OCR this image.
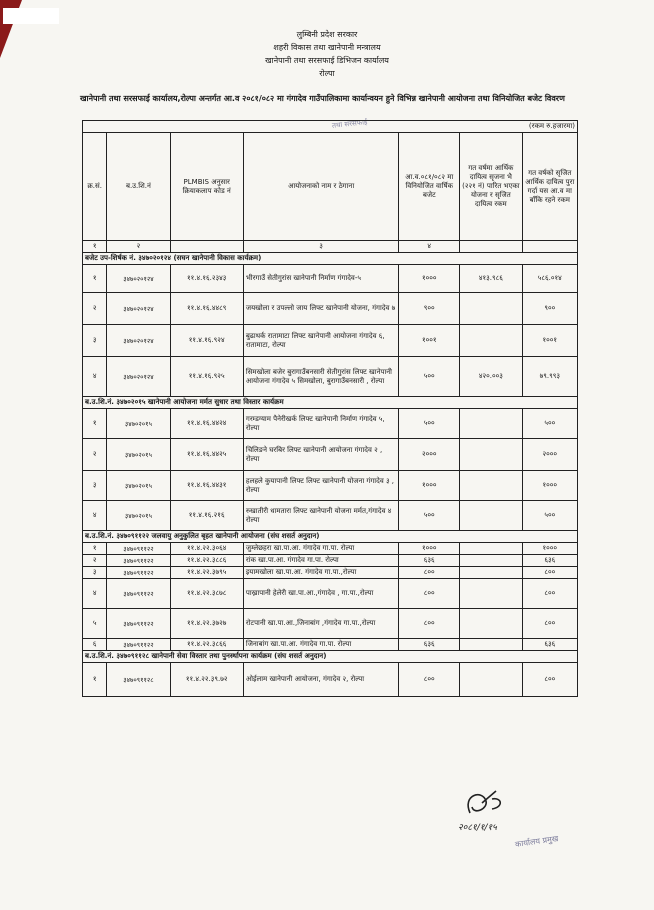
लुम्बिनी प्रदेश सरकार
शहरी विकास तथा खानेपानी मन्त्रालय
खानेपानी तथा सरसफाई डिभिजन कार्यालय
रोल्पा
खानेपानी तथा सरसफाई कार्यालय,रोल्पा अन्तर्गत आ.व २०८१/०८२ मा गंगादेव गाउँपालिकामा कार्यान्वयन हुने विभिन्न खानेपानी आयोजना तथा विनियोजित बजेट विवरण
तथा सरसफाई	(रकम रु.हजारमा)						
क्र.सं.	ब.उ.शि.नं	PLMBIS अनुसार क्रियाकलाप कोड नं	आयोजनाको नाम र ठेगाना	आ.व.०८१/०८२ मा विनियोजित वार्षिक बजेट	गत वर्षमा आर्थिक दायित्व सृजना भै (२२१ नं) पारित भएका योजना र सृजित दायित्व रकम	गत वर्षको सृजित आर्थिक दायित्व पुरा गर्दा यस आ.व मा बाँकि रहने रकम
१	२		३	४		
बजेट उप-शिर्षक नं. ३४७०२०१२४ (सघन खानेपानी विकास कार्यक्रम)						
१	३४७०२०१२४	११.४.१६.२३४३	भीरगाउँ सेतीगुरांस खानेपानी निर्माण गंगादेव-५	१०००	४१३.९८६	५८६.०१४
२	३४७०२०१२४	११.४.१६.४४८९	जयखोला र उपल्लो जाय लिफ्ट खानेपानी योजना, गंगादेव ७	९००		९००
३	३४७०२०१२४	११.४.१६.९२४	बुढाथर्क रातामाटा लिफ्ट खानेपानी आयोजना गंगादेव ६, रातामाटा, रोल्पा	१००१		१००१
४	३४७०२०१२४	११.४.१६.९२५	सिमखोला बजेर बुरागाउँबनसारी सेतीगुरांस लिफ्ट खानेपानी आयोजना गंगादेव ५ सिमखोला, बुरागाउँबनसारी , रोल्पा	५००	४२०.००३	७९.९९३
ब.उ.शि.नं. ३४७०२०१५ खानेपानी आयोजना मर्मत सुधार तथा विस्तार कार्यक्रम						
१	३४७०२०१५	११.४.१६.४४२४	गरम्डग्याम पैनेरीखर्क लिफ्ट खानेपानी निर्माण गंगादेव ५, रोल्पा	५००		५००
२	३४७०२०१५	११.४.१६.४४२५	चिलिङने घरबिर लिफ्ट खानेपानी आयोजना गंगादेव २ , रोल्पा	२०००		२०००
३	३४७०२०१५	११.४.१६.४४३१	हलहले कुयापानी लिफ्ट लिफ्ट खानेपानी योजना गंगादेव ३ , रोल्पा	१०००		१०००
४	३४७०२०१५	११.४.१६.२१६	रुखातीरी धामतारा लिफ्ट खानेपानी योजना मर्मत,गंगादेव ४ रोल्पा	५००		५००
ब.उ.शि.नं. ३४७०९११२२ जलवायु अनुकुलित बृहत खानेपानी आयोजना (संघ शसर्त अनुदान)						
१	३४७०९११२२	११.४.२२.३०६४	जुम्लेछहरा खा.पा.आ. गंगादेव गा.पा. रोल्पा	१०००		१०००
२	३४७०९११२२	११.४.२२.३८८६	रांक खा.पा.आ. गंगादेव गा.पा. रोल्पा	६३६		६३६
३	३४७०९११२२	११.४.२२.३७९५	इयामखोला खा.पा.आ. गंगादेव गा.पा.,रोल्पा	८००		८००
४	३४७०९११२२	११.४.२२.३८७८	पाख्रापानी हेलेरी खा.पा.आ.,गंगादेव , गा.पा.,रोल्पा	८००		८००
५	३४७०९११२२	११.४.२२.३७२७	रोटपानी खा.पा.आ.,जिनाबांग ,गंगादेव गा.पा.,रोल्पा	८००		८००
६	३४७०९११२२	११.४.२२.३८६६	जिनाबांग खा.पा.आ. गंगादेव गा.पा. रोल्पा	६३६		६३६
ब.उ.शि.नं. ३४७०९११२८ खानेपानी सेवा विस्तार तथा पुनर्स्थापना कार्यक्रम (संघ शसर्त अनुदान)						
१	३४७०९११२८	११.४.२२.३९.७२	ओईलाम खानेपानी आयोजना, गंगादेव २, रोल्पा	८००		८००
२०८१/१/१५
कार्यालय प्रमुख
